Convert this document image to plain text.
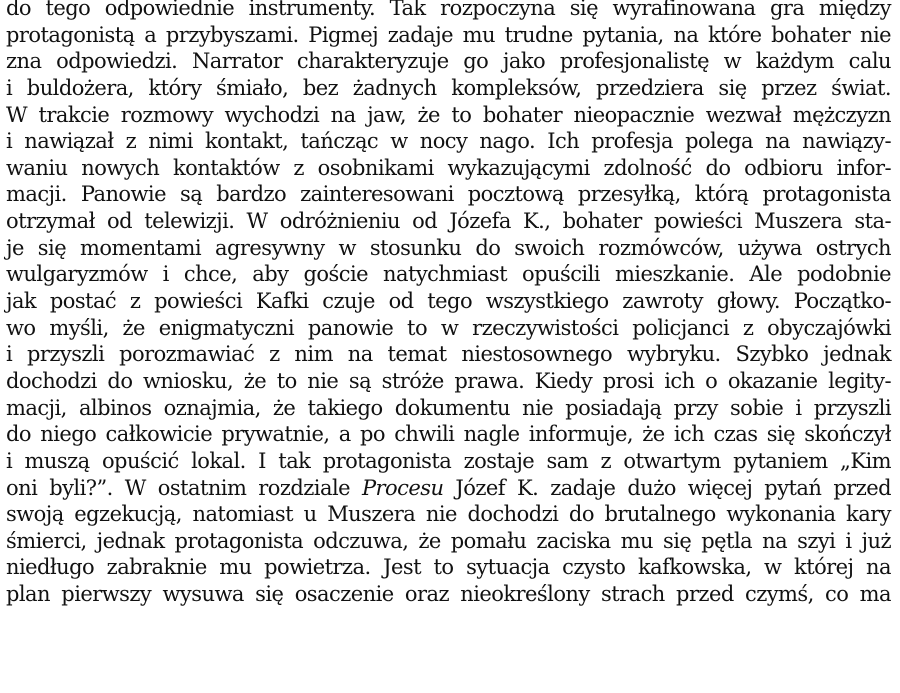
do tego odpowiednie instrumenty. Tak rozpoczyna się wyrafinowana gra między
protagonistą a przybyszami. Pigmej zadaje mu trudne pytania, na które bohater nie
zna odpowiedzi. Narrator charakteryzuje go jako profesjonalistę w każdym calu
i buldożera, który śmiało, bez żadnych kompleksów, przedziera się przez świat.
W trakcie rozmowy wychodzi na jaw, że to bohater nieopacznie wezwał mężczyzn
i nawiązał z nimi kontakt, tańcząc w nocy nago. Ich profesja polega na nawiązy-
waniu nowych kontaktów z osobnikami wykazującymi zdolność do odbioru infor-
macji. Panowie są bardzo zainteresowani pocztową przesyłką, którą protagonista
otrzymał od telewizji. W odróżnieniu od Józefa K., bohater powieści Muszera sta-
je się momentami agresywny w stosunku do swoich rozmówców, używa ostrych
wulgaryzmów i chce, aby goście natychmiast opuścili mieszkanie. Ale podobnie
jak postać z powieści Kafki czuje od tego wszystkiego zawroty głowy. Początko-
wo myśli, że enigmatyczni panowie to w rzeczywistości policjanci z obyczajówki
i przyszli porozmawiać z nim na temat niestosownego wybryku. Szybko jednak
dochodzi do wniosku, że to nie są stróże prawa. Kiedy prosi ich o okazanie legity-
macji, albinos oznajmia, że takiego dokumentu nie posiadają przy sobie i przyszli
do niego całkowicie prywatnie, a po chwili nagle informuje, że ich czas się skończył
i muszą opuścić lokal. I tak protagonista zostaje sam z otwartym pytaniem „Kim
oni byli?”. W ostatnim rozdziale Procesu Józef K. zadaje dużo więcej pytań przed
swoją egzekucją, natomiast u Muszera nie dochodzi do brutalnego wykonania kary
śmierci, jednak protagonista odczuwa, że pomału zaciska mu się pętla na szyi i już
niedługo zabraknie mu powietrza. Jest to sytuacja czysto kafkowska, w której na
plan pierwszy wysuwa się osaczenie oraz nieokreślony strach przed czymś, co ma
